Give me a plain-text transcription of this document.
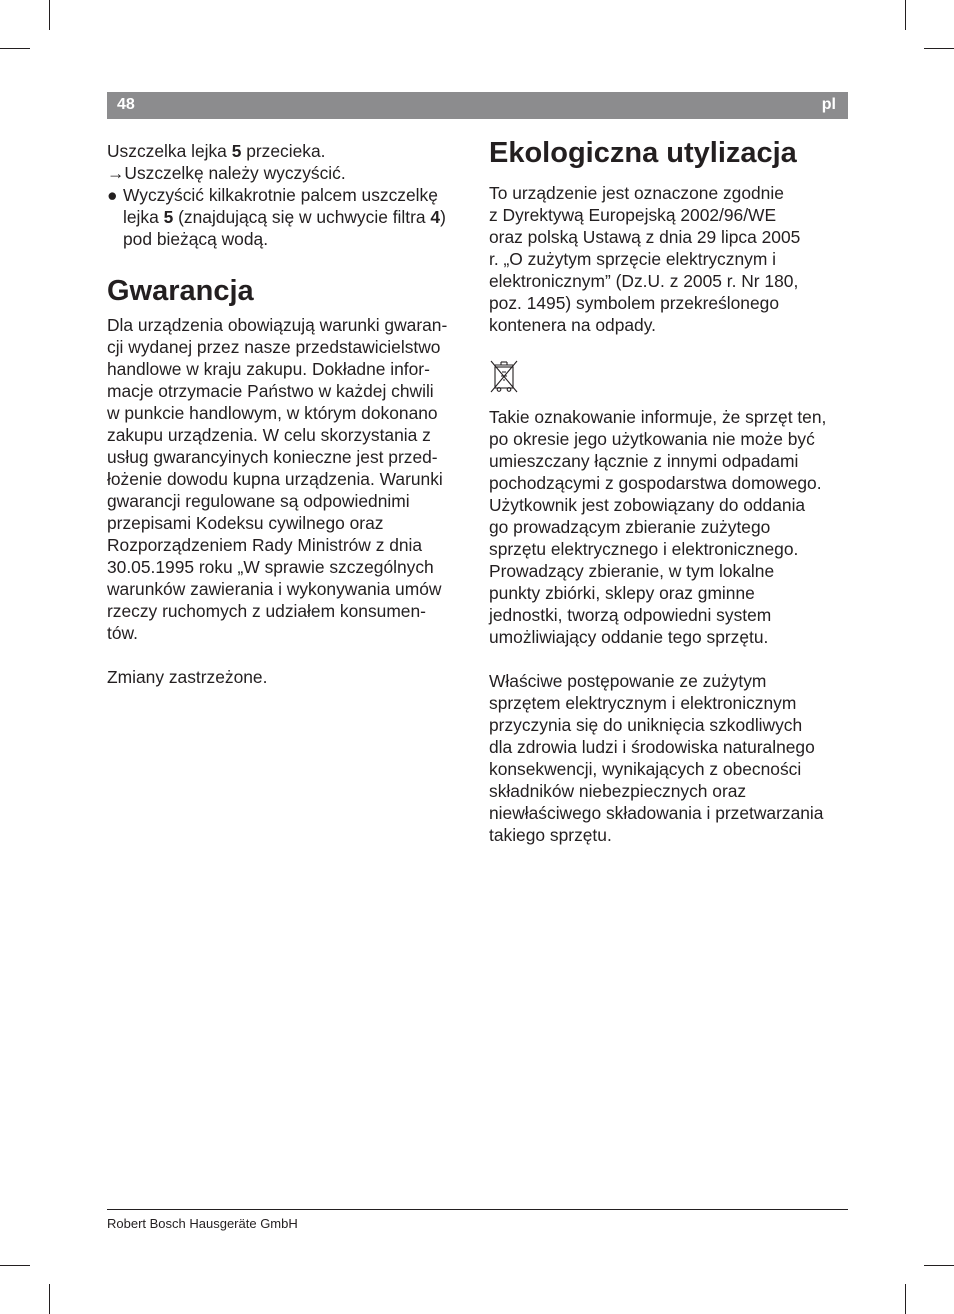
48	pl
Uszczelka lejka 5 przecieka.
→Uszczelkę należy wyczyścić.
● Wyczyścić kilkakrotnie palcem uszczelkę
lejka 5 (znajdującą się w uchwycie filtra 4)
pod bieżącą wodą.
Gwarancja
Dla urządzenia obowiązują warunki gwaran-
cji wydanej przez nasze przedstawicielstwo
handlowe w kraju zakupu. Dokładne infor-
macje otrzymacie Państwo w każdej chwili
w punkcie handlowym, w którym dokonano
zakupu urządzenia. W celu skorzystania z
usług gwarancyinych konieczne jest przed-
łożenie dowodu kupna urządzenia. Warunki
gwarancji regulowane są odpowiednimi
przepisami Kodeksu cywilnego oraz
Rozporządzeniem Rady Ministrów z dnia
30.05.1995 roku „W sprawie szczególnych
warunków zawierania i wykonywania umów
rzeczy ruchomych z udziałem konsumen-
tów.
Zmiany zastrzeżone.
Ekologiczna utylizacja
To urządzenie jest oznaczone zgodnie
z Dyrektywą Europejską 2002/96/WE
oraz polską Ustawą z dnia 29 lipca 2005
r. „O zużytym sprzęcie elektrycznym i
elektronicznym” (Dz.U. z 2005 r. Nr 180,
poz. 1495) symbolem przekreślonego
kontenera na odpady.
Takie oznakowanie informuje, że sprzęt ten,
po okresie jego użytkowania nie może być
umieszczany łącznie z innymi odpadami
pochodzącymi z gospodarstwa domowego.
Użytkownik jest zobowiązany do oddania
go prowadzącym zbieranie zużytego
sprzętu elektrycznego i elektronicznego.
Prowadzący zbieranie, w tym lokalne
punkty zbiórki, sklepy oraz gminne
jednostki, tworzą odpowiedni system
umożliwiający oddanie tego sprzętu.
Właściwe postępowanie ze zużytym
sprzętem elektrycznym i elektronicznym
przyczynia się do uniknięcia szkodliwych
dla zdrowia ludzi i środowiska naturalnego
konsekwencji, wynikających z obecności
składników niebezpiecznych oraz
niewłaściwego składowania i przetwarzania
takiego sprzętu.
Robert Bosch Hausgeräte GmbH
